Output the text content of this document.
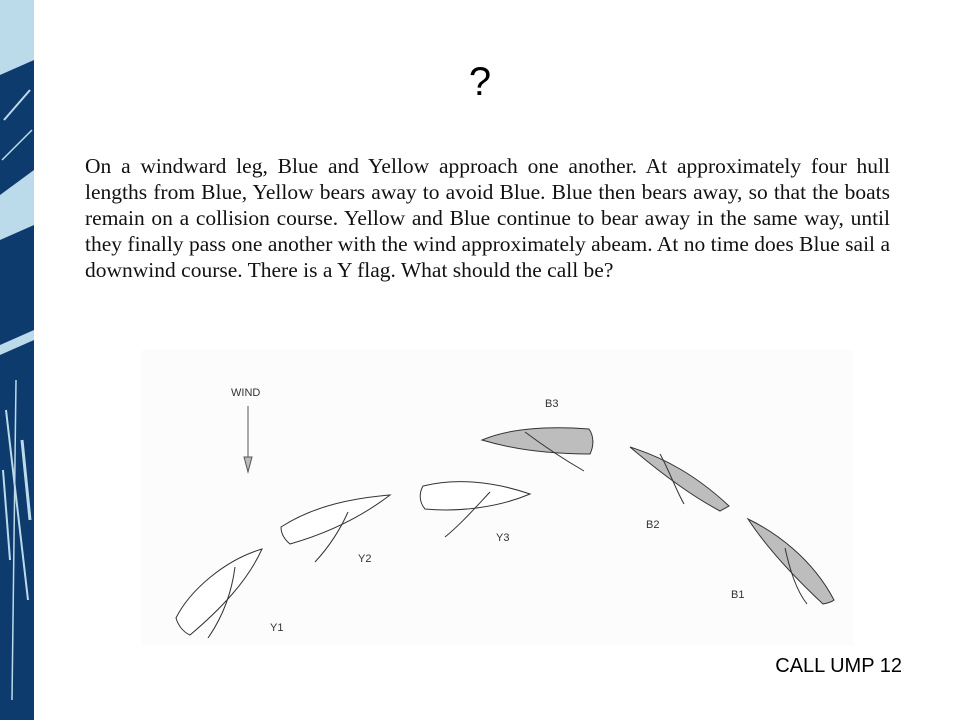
?
On a windward leg, Blue and Yellow approach one another. At approximately four hull lengths from Blue, Yellow bears away to avoid Blue. Blue then bears away, so that the boats remain on a collision course. Yellow and Blue continue to bear away in the same way, until they finally pass one another with the wind approximately abeam. At no time does Blue sail a downwind course. There is a Y flag. What should the call be?
WIND
B3
B2
B1
Y3
Y2
Y1
CALL UMP 12
